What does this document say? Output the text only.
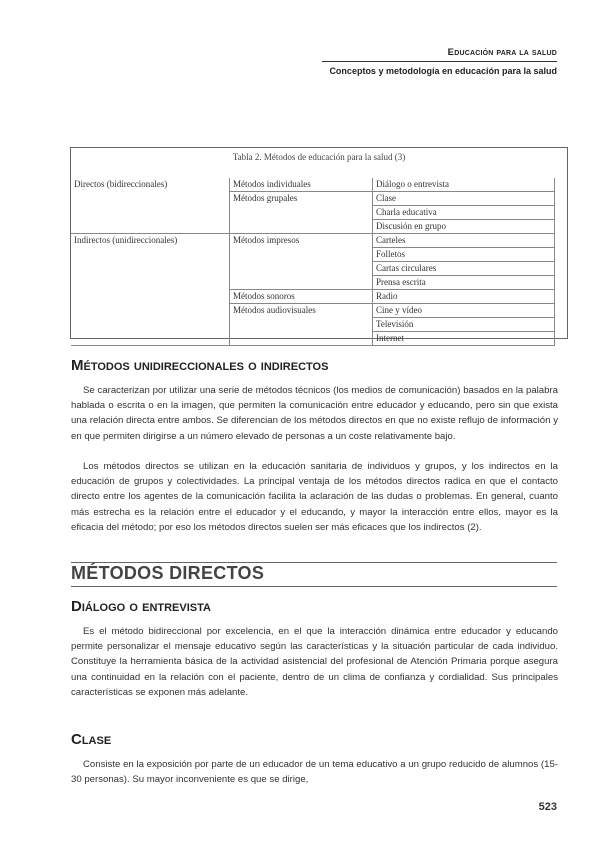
Educación para la salud
Conceptos y metodología en educación para la salud
Tabla 2. Métodos de educación para la salud (3)
Directos (bidireccionales)	Métodos individuales	Diálogo o entrevista
	Métodos grupales	Clase
		Charla educativa
		Discusión en grupo
Indirectos (unidireccionales)	Métodos impresos	Carteles
		Folletos
		Cartas circulares
		Prensa escrita
	Métodos sonoros	Radio
	Métodos audiovisuales	Cine y vídeo
		Televisión
		Internet
Métodos unidireccionales o indirectos

Se caracterizan por utilizar una serie de métodos técnicos (los medios de comunicación) basados en la palabra hablada o escrita o en la imagen, que permiten la comunicación entre educador y educando, pero sin que exista una relación directa entre ambos. Se diferencian de los métodos directos en que no existe reflujo de información y en que permiten dirigirse a un número elevado de personas a un coste relativamente bajo.

Los métodos directos se utilizan en la educación sanitaria de individuos y grupos, y los indirectos en la educación de grupos y colectividades. La principal ventaja de los métodos directos radica en que el contacto directo entre los agentes de la comunicación facilita la aclaración de las dudas o problemas. En general, cuanto más estrecha es la relación entre el educador y el educando, y mayor la interacción entre ellos, mayor es la eficacia del método; por eso los métodos directos suelen ser más eficaces que los indirectos (2).

MÉTODOS DIRECTOS
Diálogo o entrevista

Es el método bidireccional por excelencia, en el que la interacción dinámica entre educador y educando permite personalizar el mensaje educativo según las características y la situación particular de cada individuo. Constituye la herramienta básica de la actividad asistencial del profesional de Atención Primaria porque asegura una continuidad en la relación con el paciente, dentro de un clima de confianza y cordialidad. Sus principales características se exponen más adelante.

Clase

Consiste en la exposición por parte de un educador de un tema educativo a un grupo reducido de alumnos (15-30 personas). Su mayor inconveniente es que se dirige,

523
